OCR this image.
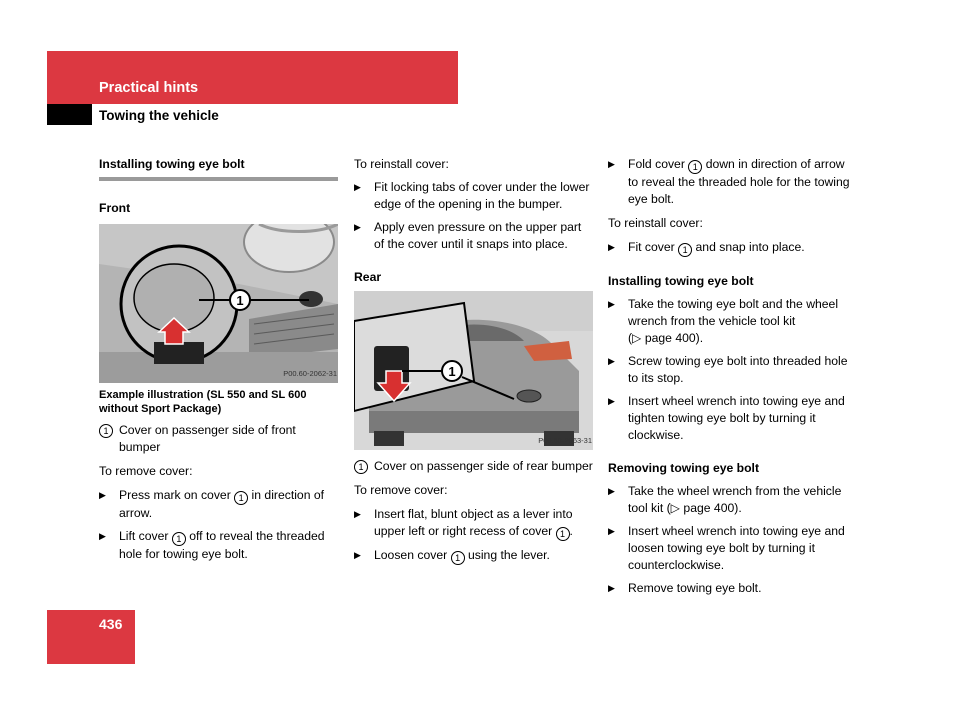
Practical hints
Towing the vehicle

Installing towing eye bolt

Front

1
P00.60-2062-31

Example illustration (SL 550 and SL 600 without Sport Package)

1 Cover on passenger side of front bumper

To remove cover:

▶ Press mark on cover 1 in direction of arrow.

▶ Lift cover 1 off to reveal the threaded hole for towing eye bolt.

To reinstall cover:

▶ Fit locking tabs of cover under the lower edge of the opening in the bumper.

▶ Apply even pressure on the upper part of the cover until it snaps into place.

Rear

1
P00.60-2063-31

1 Cover on passenger side of rear bumper

To remove cover:

▶ Insert flat, blunt object as a lever into upper left or right recess of cover 1 .

▶ Loosen cover 1 using the lever.

▶ Fold cover 1 down in direction of arrow to reveal the threaded hole for the towing eye bolt.

To reinstall cover:

▶ Fit cover 1 and snap into place.

Installing towing eye bolt

▶ Take the towing eye bolt and the wheel wrench from the vehicle tool kit
(▷ page 400).

▶ Screw towing eye bolt into threaded hole to its stop.

▶ Insert wheel wrench into towing eye and tighten towing eye bolt by turning it clockwise.

Removing towing eye bolt

▶ Take the wheel wrench from the vehicle tool kit (▷ page 400).

▶ Insert wheel wrench into towing eye and loosen towing eye bolt by turning it counterclockwise.

▶ Remove towing eye bolt.

436
